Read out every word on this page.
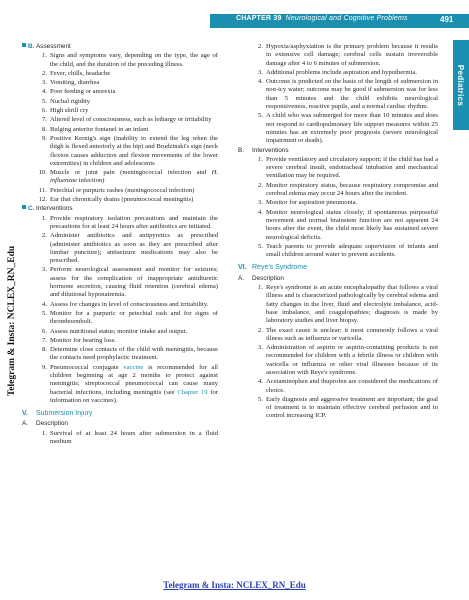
CHAPTER 39 Neurological and Cognitive Problems	491
Pediatrics
Telegram & Insta: NCLEX_RN_Edu
B. Assessment
1. Signs and symptoms vary, depending on the type, the age of the child, and the duration of the preceding illness.
2. Fever, chills, headache
3. Vomiting, diarrhea
4. Poor feeding or anorexia
5. Nuchal rigidity
6. High shrill cry
7. Altered level of consciousness, such as lethargy or irritability
8. Bulging anterior fontanel in an infant
9. Positive Kernig's sign (inability to extend the leg when the thigh is flexed anteriorly at the hip) and Brudzinski's sign (neck flexion causes adduction and flexion movements of the lower extremities) in children and adolescents
10. Muscle or joint pain (meningococcal infection and H. influenzae infection)
11. Petechial or purpuric rashes (meningococcal infection)
12. Ear that chronically drains (pneumococcal meningitis)
C. Interventions
1. Provide respiratory isolation precautions and maintain the precautions for at least 24 hours after antibiotics are initiated.
2. Administer antibiotics and antipyretics as prescribed (administer antibiotics as soon as they are prescribed after lumbar puncture); antiseizure medications may also be prescribed.
3. Perform neurological assessment and monitor for seizures; assess for the complication of inappropriate antidiuretic hormone secretion, causing fluid retention (cerebral edema) and dilutional hyponatremia.
4. Assess for changes in level of consciousness and irritability.
5. Monitor for a purpuric or petechial rash and for signs of thromboemboli.
6. Assess nutritional status; monitor intake and output.
7. Monitor for hearing loss.
8. Determine close contacts of the child with meningitis, because the contacts need prophylactic treatment.
9. Pneumococcal conjugate vaccine is recommended for all children beginning at age 2 months to protect against meningitis; streptococcal pneumococcal can cause many bacterial infections, including meningitis (see Chapter 19 for information on vaccines).
V.	Submersion Injury
A.	Description
1. Survival of at least 24 hours after submersion in a fluid medium
2. Hypoxia/asphyxiation is the primary problem because it results in extensive cell damage; cerebral cells sustain irreversible damage after 4 to 6 minutes of submersion.
3. Additional problems include aspiration and hypothermia.
4. Outcome is predicted on the basis of the length of submersion in non-icy water; outcome may be good if submersion was for less than 5 minutes and the child exhibits neurological responsiveness, reactive pupils, and a normal cardiac rhythm.
5. A child who was submerged for more than 10 minutes and does not respond to cardiopulmonary life support measures within 25 minutes has an extremely poor prognosis (severe neurological impairment or death).
B.	Interventions
1. Provide ventilatory and circulatory support; if the child has had a severe cerebral insult, endotracheal intubation and mechanical ventilation may be required.
2. Monitor respiratory status, because respiratory compromise and cerebral edema may occur 24 hours after the incident.
3. Monitor for aspiration pneumonia.
4. Monitor neurological status closely; if spontaneous purposeful movement and normal brainstem function are not apparent 24 hours after the event, the child most likely has sustained severe neurological deficits.
5. Teach parents to provide adequate supervision of infants and small children around water to prevent accidents.
VI. Reye's Syndrome
A.	Description
1. Reye's syndrome is an acute encephalopathy that follows a viral illness and is characterized pathologically by cerebral edema and fatty changes in the liver, fluid and electrolyte imbalance, acid-base imbalance, and coagulopathies; diagnosis is made by laboratory studies and liver biopsy.
2. The exact cause is unclear; it most commonly follows a viral illness such as influenza or varicella.
3. Administration of aspirin or aspirin-containing products is not recommended for children with a febrile illness or children with varicella or influenza or other viral illnesses because of its association with Reye's syndrome.
4. Acetaminophen and ibuprofen are considered the medications of choice.
5. Early diagnosis and aggressive treatment are important; the goal of treatment is to maintain effective cerebral perfusion and to control increasing ICP.
Telegram & Insta: NCLEX_RN_Edu
